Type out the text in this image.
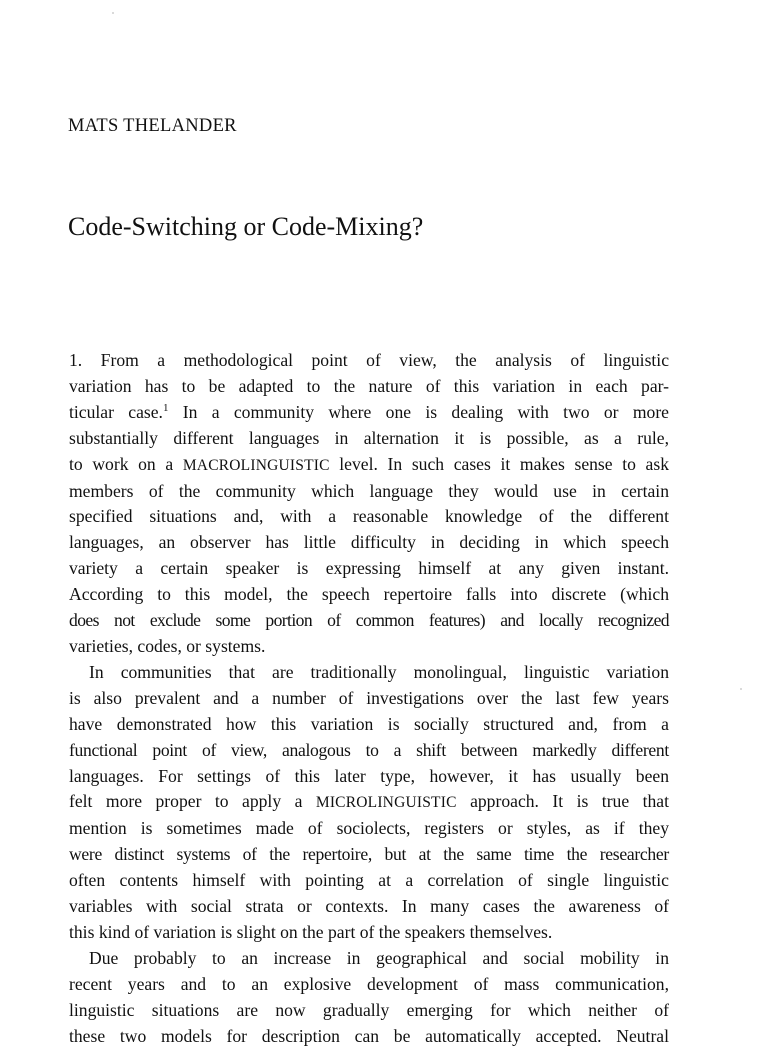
MATS THELANDER
Code-Switching or Code-Mixing?
1. From a methodological point of view, the analysis of linguistic
variation has to be adapted to the nature of this variation in each par-
ticular case.$^1$ In a community where one is dealing with two or more
substantially different languages in alternation it is possible, as a rule,
to work on a MACROLINGUISTIC level. In such cases it makes sense to ask
members of the community which language they would use in certain
specified situations and, with a reasonable knowledge of the different
languages, an observer has little difficulty in deciding in which speech
variety a certain speaker is expressing himself at any given instant.
According to this model, the speech repertoire falls into discrete (which
does not exclude some portion of common features) and locally recognized
varieties, codes, or systems.
In communities that are traditionally monolingual, linguistic variation
is also prevalent and a number of investigations over the last few years
have demonstrated how this variation is socially structured and, from a
functional point of view, analogous to a shift between markedly different
languages. For settings of this later type, however, it has usually been
felt more proper to apply a MICROLINGUISTIC approach. It is true that
mention is sometimes made of sociolects, registers or styles, as if they
were distinct systems of the repertoire, but at the same time the researcher
often contents himself with pointing at a correlation of single linguistic
variables with social strata or contexts. In many cases the awareness of
this kind of variation is slight on the part of the speakers themselves.
Due probably to an increase in geographical and social mobility in
recent years and to an explosive development of mass communication,
linguistic situations are now gradually emerging for which neither of
these two models for description can be automatically accepted. Neutral
